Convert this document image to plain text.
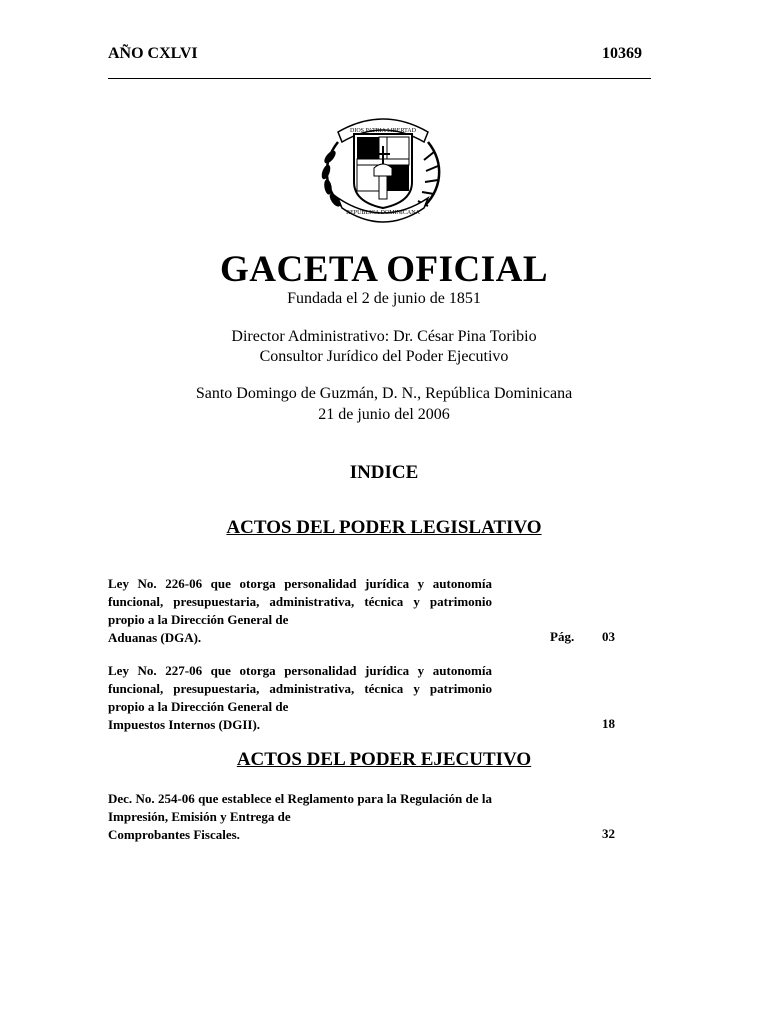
AÑO CXLVI	10369
DIOS PATRIA LIBERTAD
REPÚBLICA DOMINICANA
GACETA OFICIAL
Fundada el 2 de junio de 1851
Director Administrativo: Dr. César Pina Toribio
Consultor Jurídico del Poder Ejecutivo
Santo Domingo de Guzmán, D. N., República Dominicana
21 de junio del 2006
INDICE
ACTOS DEL PODER LEGISLATIVO
Ley No. 226-06 que otorga personalidad jurídica y autonomía funcional, presupuestaria, administrativa, técnica y patrimonio propio a la Dirección General de
Aduanas (DGA).	Pág. 03
Ley No. 227-06 que otorga personalidad jurídica y autonomía funcional, presupuestaria, administrativa, técnica y patrimonio propio a la Dirección General de
Impuestos Internos (DGII).	18
ACTOS DEL PODER EJECUTIVO
Dec. No. 254-06 que establece el Reglamento para la Regulación de la Impresión, Emisión y Entrega de
Comprobantes Fiscales.	32
